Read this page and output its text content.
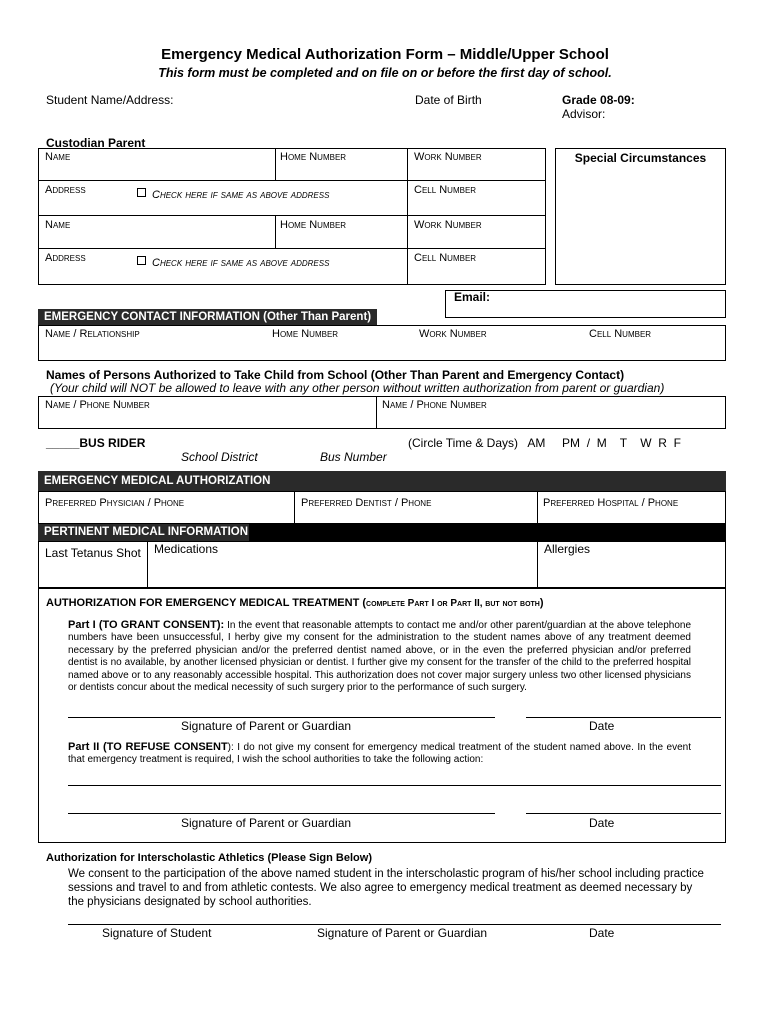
Emergency Medical Authorization Form – Middle/Upper School
This form must be completed and on file on or before the first day of school.
Student Name/Address:	Date of Birth	Grade 08-09:
Advisor:
Custodian Parent
Name	Home Number	Work Number
Address	Check here if same as above address	Cell Number
Name	Home Number	Work Number
Address	Check here if same as above address	Cell Number
Special Circumstances
Email:
EMERGENCY CONTACT INFORMATION (Other Than Parent)
Name / Relationship	Home Number	Work Number	Cell Number
Names of Persons Authorized to Take Child from School (Other Than Parent and Emergency Contact)
(Your child will NOT be allowed to leave with any other person without written authorization from parent or guardian)
Name / Phone Number	Name / Phone Number
_____BUS RIDER
School District	Bus Number
(Circle Time & Days)   AM     PM  /  M    T    W  R  F
EMERGENCY MEDICAL AUTHORIZATION
Preferred Physician / Phone	Preferred Dentist / Phone	Preferred Hospital / Phone
PERTINENT MEDICAL INFORMATION
Last Tetanus Shot Medications	Allergies
AUTHORIZATION FOR EMERGENCY MEDICAL TREATMENT (complete Part I or Part II, but not both)
Part I (TO GRANT CONSENT): In the event that reasonable attempts to contact me and/or other parent/guardian at the above telephone numbers have been unsuccessful, I herby give my consent for the administration to the student names above of any treatment deemed necessary by the preferred physician and/or the preferred dentist named above, or in the even the preferred physician and/or preferred dentist is no available, by another licensed physician or dentist. I further give my consent for the transfer of the child to the preferred hospital named above or to any reasonably accessible hospital. This authorization does not cover major surgery unless two other licensed physicians or dentists concur about the medical necessity of such surgery prior to the performance of such surgery.
Signature of Parent or Guardian	Date
Part II (TO REFUSE CONSENT): I do not give my consent for emergency medical treatment of the student named above. In the event that emergency treatment is required, I wish the school authorities to take the following action:
Signature of Parent or Guardian	Date
Authorization for Interscholastic Athletics (Please Sign Below)
We consent to the participation of the above named student in the interscholastic program of his/her school including practice sessions and travel to and from athletic contests. We also agree to emergency medical treatment as deemed necessary by the physicians designated by school authorities.
Signature of Student	Signature of Parent or Guardian	Date
